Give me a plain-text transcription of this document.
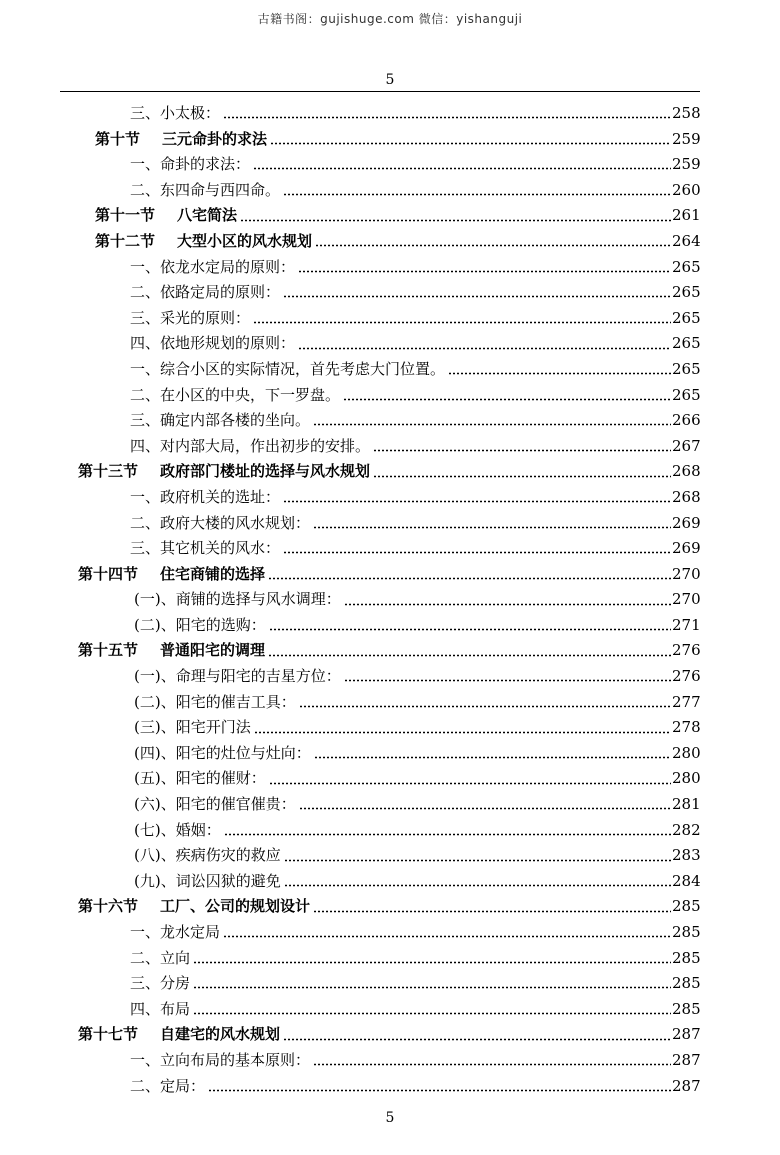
古籍书阁：gujishuge.com 微信：yishanguji
5
三、小太极：	258
第十节 三元命卦的求法	259
一、命卦的求法：	259
二、东四命与西四命。	260
第十一节 八宅简法	261
第十二节 大型小区的风水规划	264
一、依龙水定局的原则：	265
二、依路定局的原则：	265
三、采光的原则：	265
四、依地形规划的原则：	265
一、综合小区的实际情况，首先考虑大门位置。	265
二、在小区的中央，下一罗盘。	265
三、确定内部各楼的坐向。	266
四、对内部大局，作出初步的安排。	267
第十三节 政府部门楼址的选择与风水规划	268
一、政府机关的选址：	268
二、政府大楼的风水规划：	269
三、其它机关的风水：	269
第十四节 住宅商铺的选择	270
(一)、商铺的选择与风水调理：	270
(二)、阳宅的选购：	271
第十五节 普通阳宅的调理	276
(一)、命理与阳宅的吉星方位：	276
(二)、阳宅的催吉工具：	277
(三)、阳宅开门法	278
(四)、阳宅的灶位与灶向：	280
(五)、阳宅的催财：	280
(六)、阳宅的催官催贵：	281
(七)、婚姻：	282
(八)、疾病伤灾的救应	283
(九)、词讼囚狱的避免	284
第十六节 工厂、公司的规划设计	285
一、龙水定局	285
二、立向	285
三、分房	285
四、布局	285
第十七节 自建宅的风水规划	287
一、立向布局的基本原则：	287
二、定局：	287
5
